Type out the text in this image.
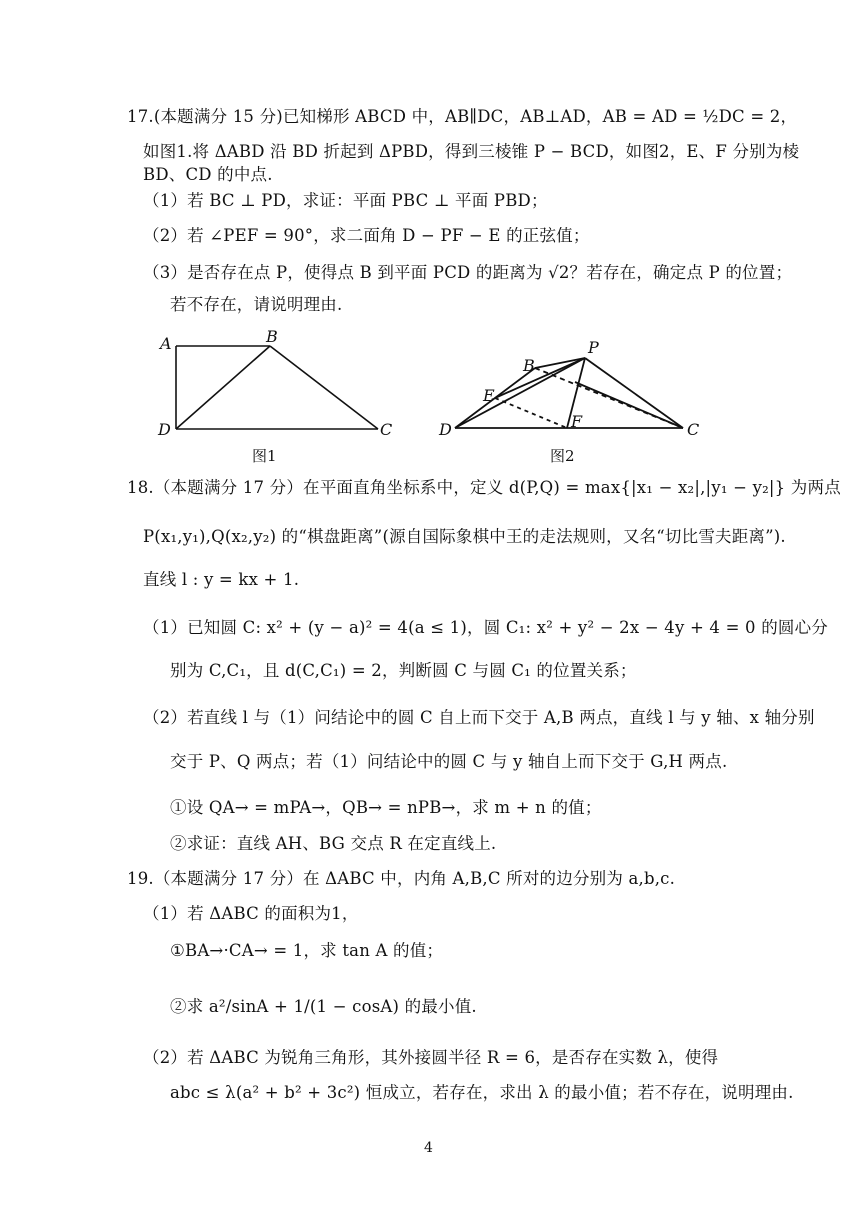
17.(本题满分 15 分)已知梯形 ABCD 中，AB∥DC，AB⊥AD，AB = AD = ½DC = 2，
如图1.将 ΔABD 沿 BD 折起到 ΔPBD，得到三棱锥 P − BCD，如图2，E、F 分别为棱
BD、CD 的中点.
（1）若 BC ⊥ PD，求证：平面 PBC ⊥ 平面 PBD；
（2）若 ∠PEF = 90°，求二面角 D − PF − E 的正弦值；
（3）是否存在点 P，使得点 B 到平面 PCD 的距离为 √2？若存在，确定点 P 的位置；
若不存在，请说明理由.
A	B
D	C
图1
P
B
E
F
D	C
图2
18.（本题满分 17 分）在平面直角坐标系中，定义 d(P,Q) = max{|x₁ − x₂|,|y₁ − y₂|} 为两点
P(x₁,y₁),Q(x₂,y₂) 的“棋盘距离”(源自国际象棋中王的走法规则，又名“切比雪夫距离”).
直线 l : y = kx + 1.
（1）已知圆 C: x² + (y − a)² = 4(a ≤ 1)，圆 C₁: x² + y² − 2x − 4y + 4 = 0 的圆心分
别为 C,C₁，且 d(C,C₁) = 2，判断圆 C 与圆 C₁ 的位置关系；
（2）若直线 l 与（1）问结论中的圆 C 自上而下交于 A,B 两点，直线 l 与 y 轴、x 轴分别
交于 P、Q 两点；若（1）问结论中的圆 C 与 y 轴自上而下交于 G,H 两点.
①设 QA→ = mPA→，QB→ = nPB→，求 m + n 的值；
②求证：直线 AH、BG 交点 R 在定直线上.
19.（本题满分 17 分）在 ΔABC 中，内角 A,B,C 所对的边分别为 a,b,c.
（1）若 ΔABC 的面积为1，
①BA→·CA→ = 1，求 tan A 的值；
②求 a²/sinA + 1/(1 − cosA) 的最小值.
（2）若 ΔABC 为锐角三角形，其外接圆半径 R = 6，是否存在实数 λ，使得
abc ≤ λ(a² + b² + 3c²) 恒成立，若存在，求出 λ 的最小值；若不存在，说明理由.
4
